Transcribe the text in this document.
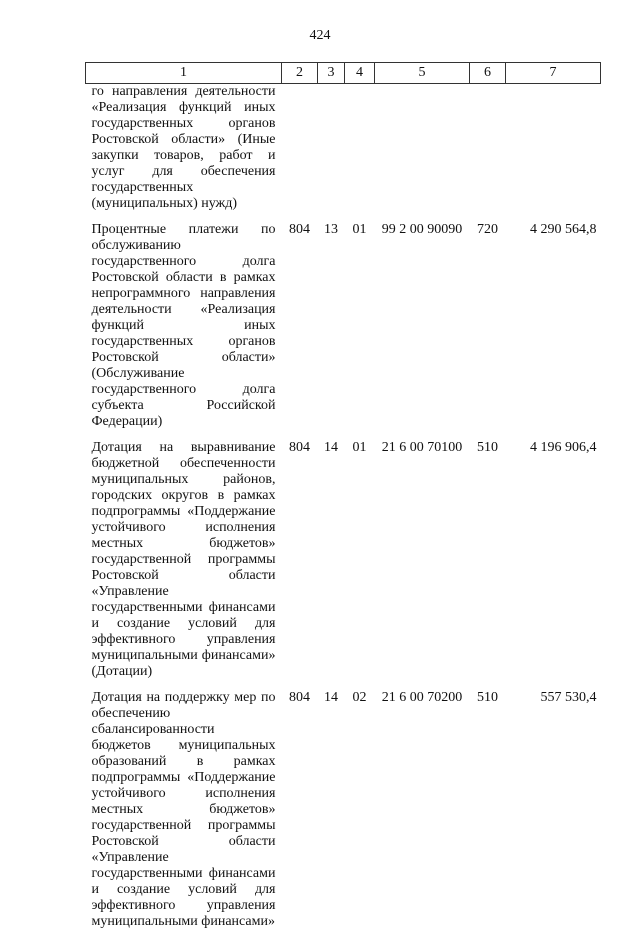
424
1	2	3	4	5	6	7
го направления деятельности «Реализация функций иных государственных органов Ростовской области» (Иные закупки товаров, работ и услуг для обеспечения государственных (муниципальных) нужд)						
Процентные платежи по обслуживанию государственного долга Ростовской области в рамках непрограммного направления деятельности «Реализация функций иных государственных органов Ростовской области» (Обслуживание государственного долга субъекта Российской Федерации)	804	13	01	99 2 00 90090	720	4 290 564,8
Дотация на выравнивание бюджетной обеспеченности муниципальных районов, городских округов в рамках подпрограммы «Поддержание устойчивого исполнения местных бюджетов» государственной программы Ростовской области «Управление государственными финансами и создание условий для эффективного управления муниципальными финансами» (Дотации)	804	14	01	21 6 00 70100	510	4 196 906,4
Дотация на поддержку мер по обеспечению сбалансированности бюджетов муниципальных образований в рамках подпрограммы «Поддержание устойчивого исполнения местных бюджетов» государственной программы Ростовской области «Управление государственными финансами и создание условий для эффективного управления муниципальными финансами»	804	14	02	21 6 00 70200	510	557 530,4
